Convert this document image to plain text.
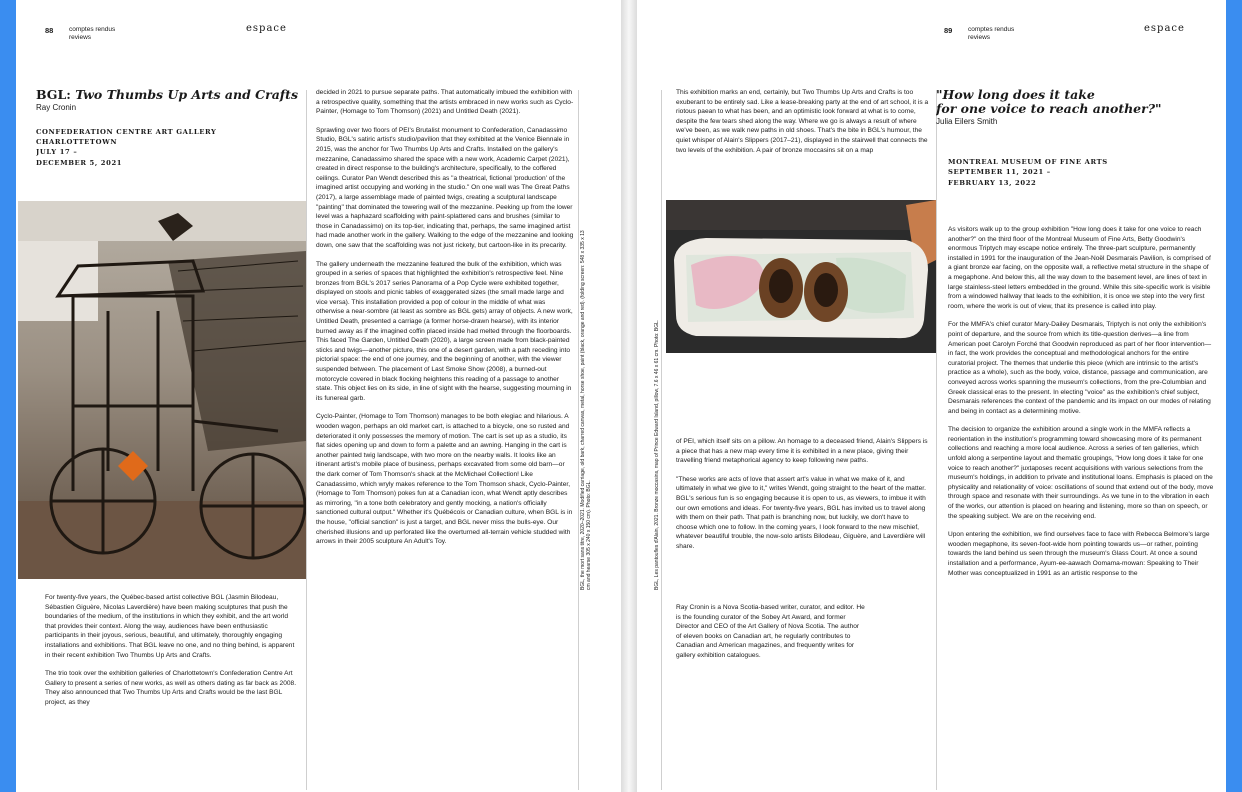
88 comptes rendus
reviews
espace	89 comptes rendus
reviews
espace
BGL: Two Thumbs Up Arts and Crafts
Ray Cronin
CONFEDERATION CENTRE ART GALLERY
CHARLOTTETOWN
JULY 17 –
DECEMBER 5, 2021

For twenty-five years, the Québec-based artist collective BGL (Jasmin Bilodeau, Sébastien Giguère, Nicolas Laverdière) have been making sculptures that push the boundaries of the medium, of the institutions in which they exhibit, and the art world that provides their context. Along the way, audiences have been enthusiastic participants in their joyous, serious, beautiful, and ultimately, thoroughly engaging installations and exhibitions. That BGL leave no one, and no thing behind, is apparent in their recent exhibition Two Thumbs Up Arts and Crafts.

The trio took over the exhibition galleries of Charlottetown's Confederation Centre Art Gallery to present a series of new works, as well as others dating as far back as 2008. They also announced that Two Thumbs Up Arts and Crafts would be the last BGL project, as they

decided in 2021 to pursue separate paths. That automatically imbued the exhibition with a retrospective quality, something that the artists embraced in new works such as Cyclo-Painter, (Homage to Tom Thomson) (2021) and Untitled Death (2021).

Sprawling over two floors of PEI's Brutalist monument to Confederation, Canadassimo Studio, BGL's satiric artist's studio/pavilion that they exhibited at the Venice Biennale in 2015, was the anchor for Two Thumbs Up Arts and Crafts. Installed on the gallery's mezzanine, Canadassimo shared the space with a new work, Academic Carpet (2021), created in direct response to the building's architecture, specifically, to the coffered ceilings. Curator Pan Wendt described this as "a theatrical, fictional 'production' of the imagined artist occupying and working in the studio." On one wall was The Great Paths (2017), a large assemblage made of painted twigs, creating a sculptural landscape "painting" that dominated the towering wall of the mezzanine. Peeking up from the lower level was a haphazard scaffolding with paint-splattered cans and brushes (similar to those in Canadassimo) on its top-tier, indicating that, perhaps, the same imagined artist had made another work in the gallery. Walking to the edge of the mezzanine and looking down, one saw that the scaffolding was not just rickety, but cartoon-like in its precarity.

The gallery underneath the mezzanine featured the bulk of the exhibition, which was grouped in a series of spaces that highlighted the exhibition's retrospective feel. Nine bronzes from BGL's 2017 series Panorama of a Pop Cycle were exhibited together, displayed on stools and picnic tables of exaggerated sizes (the small made large and vice versa). This installation provided a pop of colour in the middle of what was otherwise a near-sombre (at least as sombre as BGL gets) array of objects. A new work, Untitled Death, presented a carriage (a former horse-drawn hearse), with its interior burned away as if the imagined coffin placed inside had melted through the floorboards. This faced The Garden, Untitled Death (2020), a large screen made from black-painted sticks and twigs—another picture, this one of a desert garden, with a path receding into pictorial space: the end of one journey, and the beginning of another, with the viewer suspended between. The placement of Last Smoke Show (2008), a burned-out motorcycle covered in black flocking heightens this reading of a passage to another state. This object lies on its side, in line of sight with the hearse, suggesting mourning in its funereal garb.

Cyclo-Painter, (Homage to Tom Thomson) manages to be both elegiac and hilarious. A wooden wagon, perhaps an old market cart, is attached to a bicycle, one so rusted and deteriorated it only possesses the memory of motion. The cart is set up as a studio, its flat sides opening up and down to form a palette and an awning. Hanging in the cart is another painted twig landscape, with two more on the nearby walls. It looks like an itinerant artist's mobile place of business, perhaps excavated from some old barn—or the dark corner of Tom Thomson's shack at the McMichael Collection! Like Canadassimo, which wryly makes reference to the Tom Thomson shack, Cyclo-Painter, (Homage to Tom Thomson) pokes fun at a Canadian icon, what Wendt aptly describes as mirroring, "in a tone both celebratory and gently mocking, a nation's officially sanctioned cultural output." Whether it's Québécois or Canadian culture, when BGL is in the house, "official sanction" is just a target, and BGL never miss the bulls-eye. Our cherished illusions and up perforated like the overturned all-terrain vehicle studded with arrows in their 2005 sculpture An Adult's Toy.	BGL, the mort sans titre, 2020–2021. Modified carriage, old bark, charred canvas, metal, horse shoe, paint (black, orange and red). (folding screen: 548 x 335 x 13 cm and hearse 305 x 240 x 150 cm). Photo: BGL.	BGL, Les pantoufles d'Alain, 2021. Bronze moccasins, map of Prince Edward Island, pillow, 7.6 x 46 x 61 cm. Photo: BGL.

This exhibition marks an end, certainly, but Two Thumbs Up Arts and Crafts is too exuberant to be entirely sad. Like a lease-breaking party at the end of art school, it is a riotous paean to what has been, and an optimistic look forward at what is to come, despite the few tears shed along the way. Where we go is always a result of where we've been, as we walk new paths in old shoes. That's the bite in BGL's humour, the quiet whisper of Alain's Slippers (2017–21), displayed in the stairwell that connects the two levels of the exhibition. A pair of bronze moccasins sit on a map

of PEI, which itself sits on a pillow. An homage to a deceased friend, Alain's Slippers is a piece that has a new map every time it is exhibited in a new place, giving their travelling friend metaphorical agency to keep following new paths.

"These works are acts of love that assert art's value in what we make of it, and ultimately in what we give to it," writes Wendt, going straight to the heart of the matter. BGL's serious fun is so engaging because it is open to us, as viewers, to imbue it with our own emotions and ideas. For twenty-five years, BGL has invited us to travel along with them on their path. That path is branching now, but luckily, we don't have to choose which one to follow. In the coming years, I look forward to the new mischief, whatever beautiful trouble, the now-solo artists Bilodeau, Giguère, and Laverdière will share.

Ray Cronin is a Nova Scotia-based writer, curator, and editor. He is the founding curator of the Sobey Art Award, and former Director and CEO of the Art Gallery of Nova Scotia. The author of eleven books on Canadian art, he regularly contributes to Canadian and American magazines, and frequently writes for gallery exhibition catalogues.

"How long does it take
for one voice to reach another?"
Julia Eilers Smith
MONTREAL MUSEUM OF FINE ARTS
SEPTEMBER 11, 2021 –
FEBRUARY 13, 2022

As visitors walk up to the group exhibition "How long does it take for one voice to reach another?" on the third floor of the Montreal Museum of Fine Arts, Betty Goodwin's enormous Triptych may escape notice entirely. The three-part sculpture, permanently installed in 1991 for the inauguration of the Jean-Noël Desmarais Pavilion, is comprised of a giant bronze ear facing, on the opposite wall, a reflective metal structure in the shape of a megaphone. And below this, all the way down to the basement level, are lines of text in large stainless-steel letters embedded in the ground. While this site-specific work is visible from a windowed hallway that leads to the exhibition, it is once we step into the very first room, where the work is out of view, that its presence is called into play.

For the MMFA's chief curator Mary-Dailey Desmarais, Triptych is not only the exhibition's point of departure, and the source from which its title-question derives—a line from American poet Carolyn Forché that Goodwin reproduced as part of her floor intervention—in fact, the work provides the conceptual and methodological anchors for the entire curatorial project. The themes that underlie this piece (which are intrinsic to the artist's practice as a whole), such as the body, voice, distance, passage and communication, are conveyed across works spanning the museum's collections, from the pre-Columbian and Greek classical eras to the present. In electing "voice" as the exhibition's chief subject, Desmarais references the context of the pandemic and its impact on our modes of relating and being in contact as a determining motive.

The decision to organize the exhibition around a single work in the MMFA reflects a reorientation in the institution's programming toward showcasing more of its permanent collections and reaching a more local audience. Across a series of ten galleries, which unfold along a serpentine layout and thematic groupings, "How long does it take for one voice to reach another?" juxtaposes recent acquisitions with various selections from the museum's holdings, in addition to private and institutional loans. Emphasis is placed on the physicality and relationality of voice: oscillations of sound that extend out of the body, move through space and resonate with their surroundings. As we tune in to the vibration in each of the works, our attention is placed on hearing and listening, more so than on speech, or the speaking subject. We are on the receiving end.

Upon entering the exhibition, we find ourselves face to face with Rebecca Belmore's large wooden megaphone, its seven-foot-wide horn pointing towards us—or rather, pointing towards the land behind us seen through the museum's Glass Court. At once a sound installation and a performance, Ayum-ee-aawach Oomama-mowan: Speaking to Their Mother was conceptualized in 1991 as an artistic response to the
